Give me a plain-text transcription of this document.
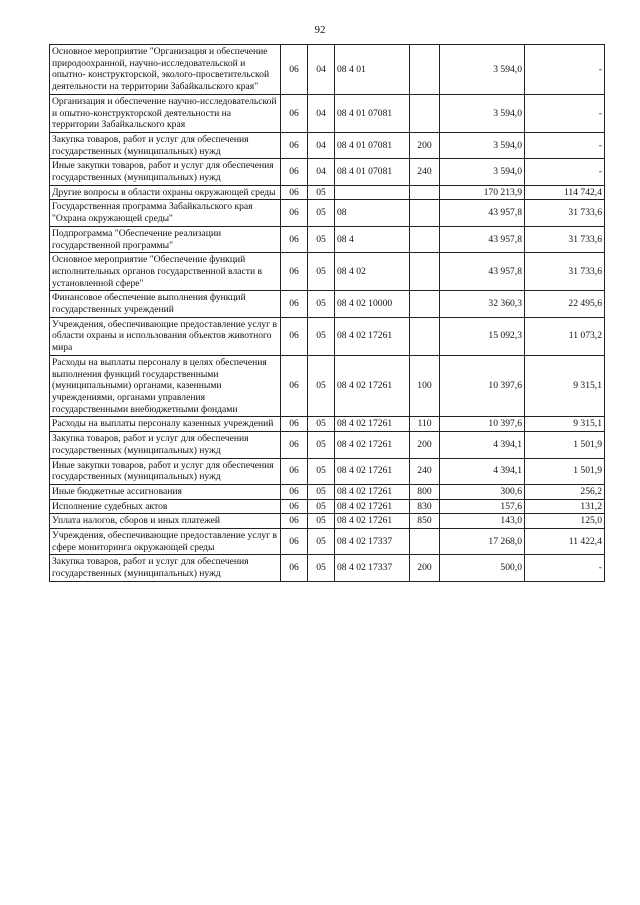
92
Основное мероприятие "Организация и обеспечение природоохранной, научно-исследовательской и опытно- конструкторской, эколого-просветительской деятельности на территории Забайкальского края"	06	04	08 4 01		3 594,0	-
Организация и обеспечение научно-исследовательской и опытно-конструкторской деятельности на территории Забайкальского края	06	04	08 4 01 07081		3 594,0	-
Закупка товаров, работ и услуг для обеспечения государственных (муниципальных) нужд	06	04	08 4 01 07081	200	3 594,0	-
Иные закупки товаров, работ и услуг для обеспечения государственных (муниципальных) нужд	06	04	08 4 01 07081	240	3 594,0	-
Другие вопросы в области охраны окружающей среды	06	05			170 213,9	114 742,4
Государственная программа Забайкальского края "Охрана окружающей среды"	06	05	08		43 957,8	31 733,6
Подпрограмма "Обеспечение реализации государственной программы"	06	05	08 4		43 957,8	31 733,6
Основное мероприятие "Обеспечение функций исполнительных органов государственной власти в установленной сфере"	06	05	08 4 02		43 957,8	31 733,6
Финансовое обеспечение выполнения функций государственных учреждений	06	05	08 4 02 10000		32 360,3	22 495,6
Учреждения, обеспечивающие предоставление услуг в области охраны и использования объектов животного мира	06	05	08 4 02 17261		15 092,3	11 073,2
Расходы на выплаты персоналу в целях обеспечения выполнения функций государственными (муниципальными) органами, казенными учреждениями, органами управления государственными внебюджетными фондами	06	05	08 4 02 17261	100	10 397,6	9 315,1
Расходы на выплаты персоналу казенных учреждений	06	05	08 4 02 17261	110	10 397,6	9 315,1
Закупка товаров, работ и услуг для обеспечения государственных (муниципальных) нужд	06	05	08 4 02 17261	200	4 394,1	1 501,9
Иные закупки товаров, работ и услуг для обеспечения государственных (муниципальных) нужд	06	05	08 4 02 17261	240	4 394,1	1 501,9
Иные бюджетные ассигнования	06	05	08 4 02 17261	800	300,6	256,2
Исполнение судебных актов	06	05	08 4 02 17261	830	157,6	131,2
Уплата налогов, сборов и иных платежей	06	05	08 4 02 17261	850	143,0	125,0
Учреждения, обеспечивающие предоставление услуг в сфере мониторинга окружающей среды	06	05	08 4 02 17337		17 268,0	11 422,4
Закупка товаров, работ и услуг для обеспечения государственных (муниципальных) нужд	06	05	08 4 02 17337	200	500,0	-
